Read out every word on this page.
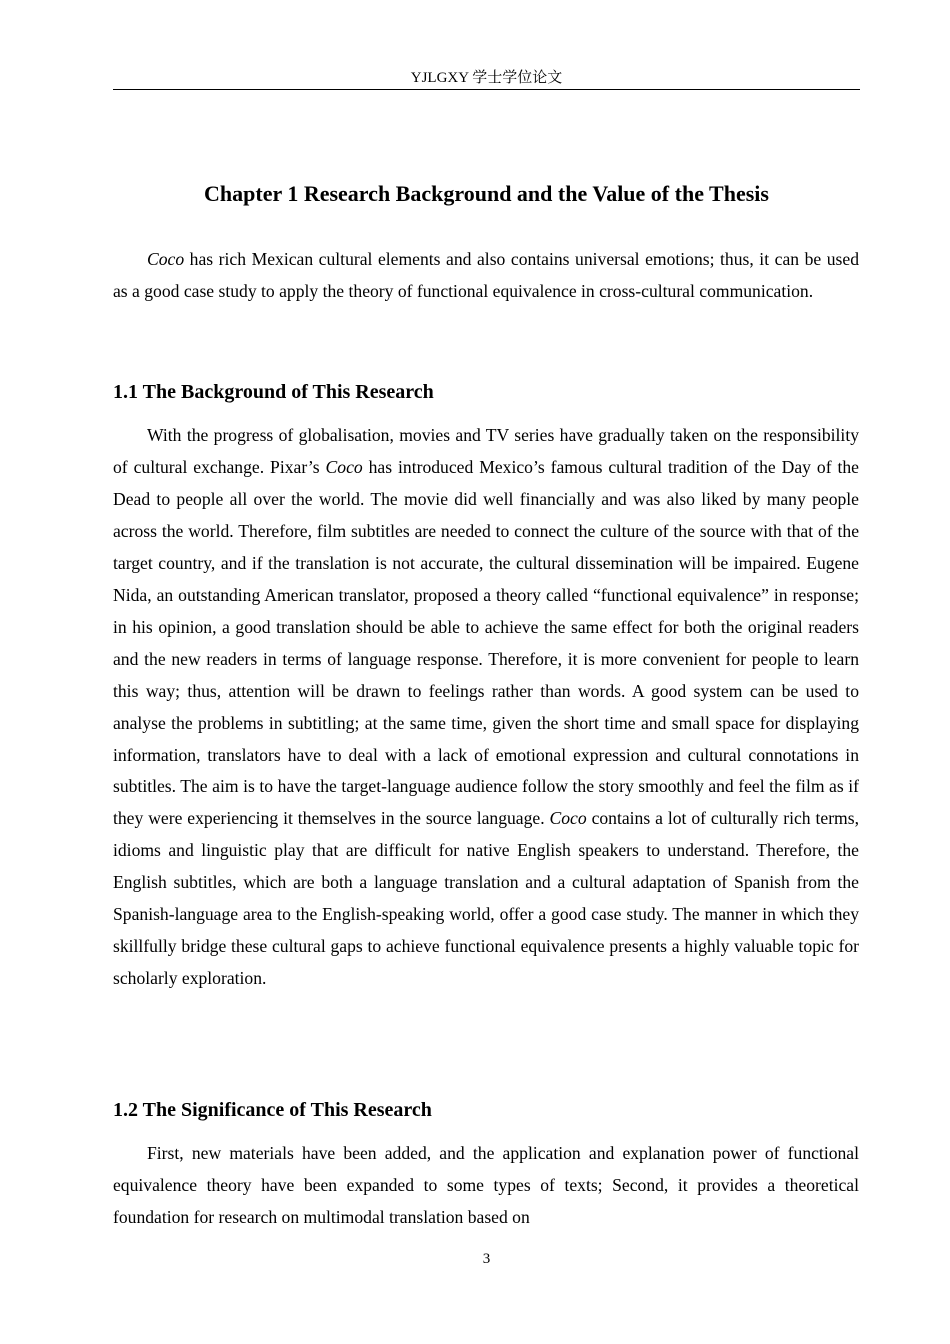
YJLGXY 学士学位论文
Chapter 1 Research Background and the Value of the Thesis

Coco has rich Mexican cultural elements and also contains universal emotions; thus, it can be used as a good case study to apply the theory of functional equivalence in cross-cultural communication.

1.1 The Background of This Research

With the progress of globalisation, movies and TV series have gradually taken on the responsibility of cultural exchange. Pixar’s Coco has introduced Mexico’s famous cultural tradition of the Day of the Dead to people all over the world. The movie did well financially and was also liked by many people across the world. Therefore, film subtitles are needed to connect the culture of the source with that of the target country, and if the translation is not accurate, the cultural dissemination will be impaired. Eugene Nida, an outstanding American translator, proposed a theory called “functional equivalence” in response; in his opinion, a good translation should be able to achieve the same effect for both the original readers and the new readers in terms of language response. Therefore, it is more convenient for people to learn this way; thus, attention will be drawn to feelings rather than words. A good system can be used to analyse the problems in subtitling; at the same time, given the short time and small space for displaying information, translators have to deal with a lack of emotional expression and cultural connotations in subtitles. The aim is to have the target-language audience follow the story smoothly and feel the film as if they were experiencing it themselves in the source language. Coco contains a lot of culturally rich terms, idioms and linguistic play that are difficult for native English speakers to understand. Therefore, the English subtitles, which are both a language translation and a cultural adaptation of Spanish from the Spanish-language area to the English-speaking world, offer a good case study. The manner in which they skillfully bridge these cultural gaps to achieve functional equivalence presents a highly valuable topic for scholarly exploration.

1.2 The Significance of This Research

First, new materials have been added, and the application and explanation power of functional equivalence theory have been expanded to some types of texts; Second, it provides a theoretical foundation for research on multimodal translation based on

3
